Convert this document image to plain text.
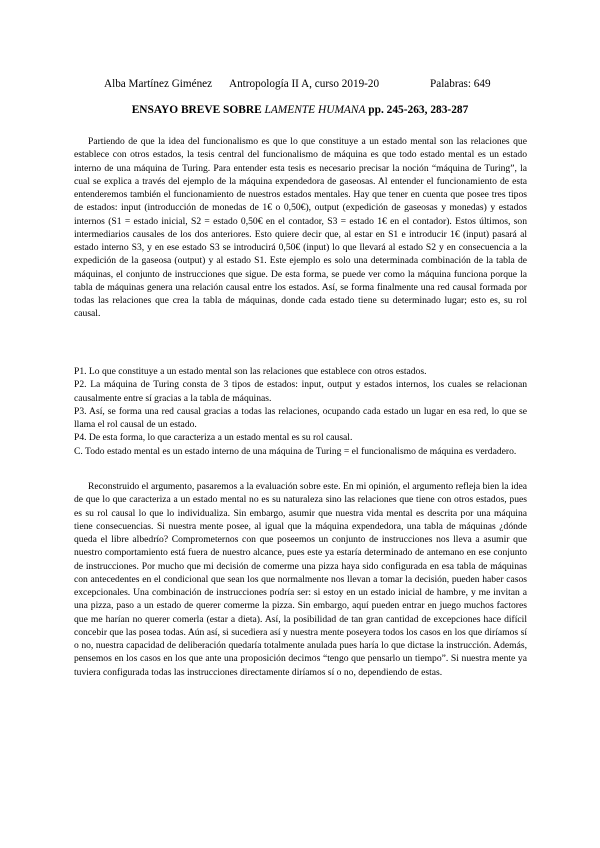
Alba Martínez Giménez Antropología II A, curso 2019-20	Palabras: 649
ENSAYO BREVE SOBRE LAMENTE HUMANA pp. 245-263, 283-287

Partiendo de que la idea del funcionalismo es que lo que constituye a un estado mental son las relaciones que establece con otros estados, la tesis central del funcionalismo de máquina es que todo estado mental es un estado interno de una máquina de Turing. Para entender esta tesis es necesario precisar la noción “máquina de Turing”, la cual se explica a través del ejemplo de la máquina expendedora de gaseosas. Al entender el funcionamiento de esta entenderemos también el funcionamiento de nuestros estados mentales. Hay que tener en cuenta que posee tres tipos de estados: input (introducción de monedas de 1€ o 0,50€), output (expedición de gaseosas y monedas) y estados internos (S1 = estado inicial, S2 = estado 0,50€ en el contador, S3 = estado 1€ en el contador). Estos últimos, son intermediarios causales de los dos anteriores. Esto quiere decir que, al estar en S1 e introducir 1€ (input) pasará al estado interno S3, y en ese estado S3 se introducirá 0,50€ (input) lo que llevará al estado S2 y en consecuencia a la expedición de la gaseosa (output) y al estado S1. Este ejemplo es solo una determinada combinación de la tabla de máquinas, el conjunto de instrucciones que sigue. De esta forma, se puede ver como la máquina funciona porque la tabla de máquinas genera una relación causal entre los estados. Así, se forma finalmente una red causal formada por todas las relaciones que crea la tabla de máquinas, donde cada estado tiene su determinado lugar; esto es, su rol causal.

P1. Lo que constituye a un estado mental son las relaciones que establece con otros estados.
P2. La máquina de Turing consta de 3 tipos de estados: input, output y estados internos, los cuales se relacionan causalmente entre sí gracias a la tabla de máquinas.
P3. Así, se forma una red causal gracias a todas las relaciones, ocupando cada estado un lugar en esa red, lo que se llama el rol causal de un estado.
P4. De esta forma, lo que caracteriza a un estado mental es su rol causal.
C. Todo estado mental es un estado interno de una máquina de Turing = el funcionalismo de máquina es verdadero.

Reconstruido el argumento, pasaremos a la evaluación sobre este. En mi opinión, el argumento refleja bien la idea de que lo que caracteriza a un estado mental no es su naturaleza sino las relaciones que tiene con otros estados, pues es su rol causal lo que lo individualiza. Sin embargo, asumir que nuestra vida mental es descrita por una máquina tiene consecuencias. Si nuestra mente posee, al igual que la máquina expendedora, una tabla de máquinas ¿dónde queda el libre albedrío? Comprometernos con que poseemos un conjunto de instrucciones nos lleva a asumir que nuestro comportamiento está fuera de nuestro alcance, pues este ya estaría determinado de antemano en ese conjunto de instrucciones. Por mucho que mi decisión de comerme una pizza haya sido configurada en esa tabla de máquinas con antecedentes en el condicional que sean los que normalmente nos llevan a tomar la decisión, pueden haber casos excepcionales. Una combinación de instrucciones podría ser: si estoy en un estado inicial de hambre, y me invitan a una pizza, paso a un estado de querer comerme la pizza. Sin embargo, aquí pueden entrar en juego muchos factores que me harían no querer comerla (estar a dieta). Así, la posibilidad de tan gran cantidad de excepciones hace difícil concebir que las posea todas. Aún así, si sucediera así y nuestra mente poseyera todos los casos en los que diríamos sí o no, nuestra capacidad de deliberación quedaría totalmente anulada pues haría lo que dictase la instrucción. Además, pensemos en los casos en los que ante una proposición decimos “tengo que pensarlo un tiempo”. Si nuestra mente ya tuviera configurada todas las instrucciones directamente diríamos sí o no, dependiendo de estas.
